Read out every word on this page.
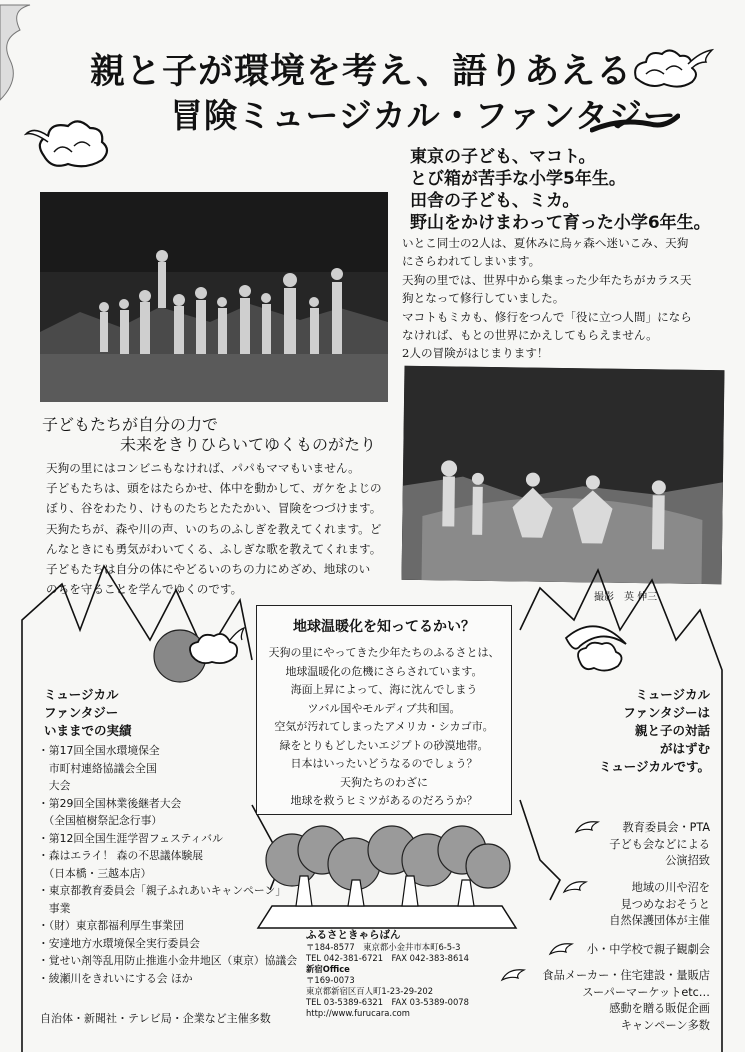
親と子が環境を考え、語りあえる
冒険ミュージカル・ファンタジー
東京の子ども、マコト。
とび箱が苦手な小学5年生。
田舎の子ども、ミカ。
野山をかけまわって育った小学6年生。
いとこ同士の2人は、夏休みに烏ヶ森へ迷いこみ、天狗
にさらわれてしまいます。
天狗の里では、世界中から集まった少年たちがカラス天
狗となって修行していました。
マコトもミカも、修行をつんで「役に立つ人間」になら
なければ、もとの世界にかえしてもらえません。
2人の冒険がはじまります！
子どもたちが自分の力で
未来をきりひらいてゆくものがたり
天狗の里にはコンビニもなければ、パパもママもいません。
子どもたちは、頭をはたらかせ、体中を動かして、ガケをよじの
ぼり、谷をわたり、けものたちとたたかい、冒険をつづけます。
天狗たちが、森や川の声、いのちのふしぎを教えてくれます。ど
んなときにも勇気がわいてくる、ふしぎな歌を教えてくれます。
子どもたちは自分の体にやどるいのちの力にめざめ、地球のい
のちを守ることを学んでゆくのです。
撮影　英 伸三
地球温暖化を知ってるかい？
天狗の里にやってきた少年たちのふるさとは、
地球温暖化の危機にさらされています。
海面上昇によって、海に沈んでしまう
ツバル国やモルディブ共和国。
空気が汚れてしまったアメリカ・シカゴ市。
緑をとりもどしたいエジプトの砂漠地帯。
日本はいったいどうなるのでしょう？
天狗たちのわざに
地球を救うヒミツがあるのだろうか？
ミュージカル
ファンタジー
いままでの実績
・第17回全国水環境保全
　市町村連絡協議会全国
　大会
・第29回全国林業後継者大会
　（全国植樹祭記念行事）
・第12回全国生涯学習フェスティバル
・森はエライ！ 森の不思議体験展
　（日本橋・三越本店）
・東京都教育委員会「親子ふれあいキャンペーン」
　事業
・（財）東京都福利厚生事業団
・安達地方水環境保全実行委員会
・覚せい剤等乱用防止推進小金井地区（東京）協議会
・綾瀬川をきれいにする会 ほか
自治体・新聞社・テレビ局・企業など主催多数
ミュージカル
ファンタジーは
親と子の対話
がはずむ
ミュージカルです。
教育委員会・PTA
子ども会などによる
公演招致
地域の川や沼を
見つめなおそうと
自然保護団体が主催
小・中学校で親子観劇会
食品メーカー・住宅建設・量販店
スーパーマーケットetc…
感動を贈る販促企画
キャンペーン多数
ふるさときゃらばん
〒184-8577　東京都小金井市本町6-5-3
TEL 042-381-6721　FAX 042-383-8614
新宿Office
〒169-0073
東京都新宿区百人町1-23-29-202
TEL 03-5389-6321　FAX 03-5389-0078
http://www.furucara.com
